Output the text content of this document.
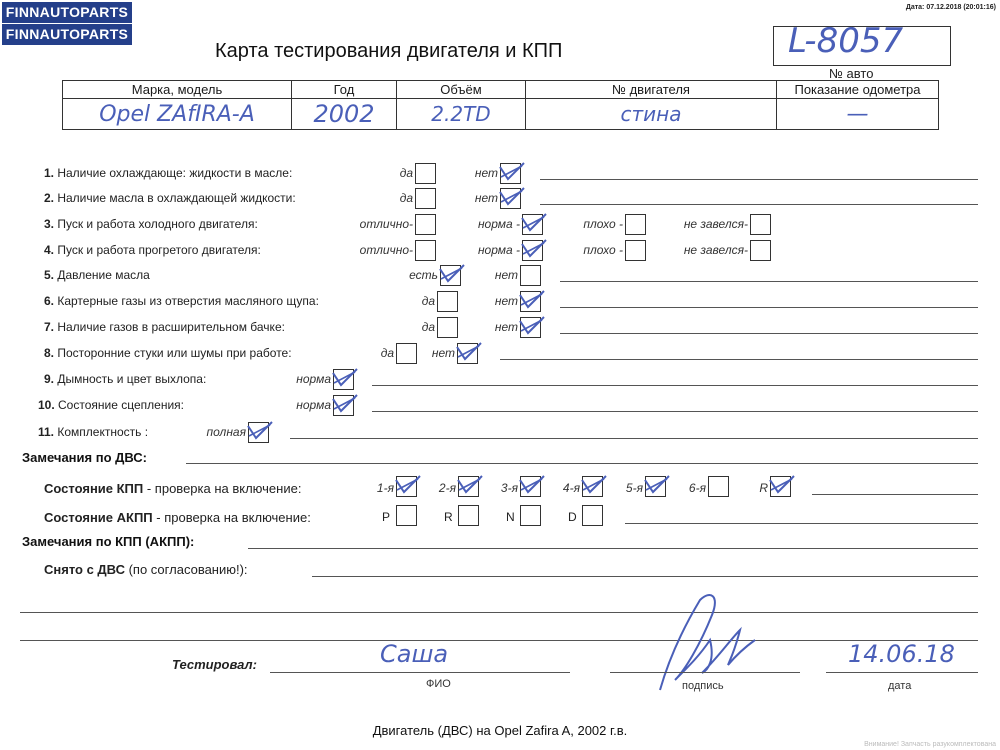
FINNAUTOPARTS
FINNAUTOPARTS
Дата: 07.12.2018 (20:01:16)
Карта тестирования двигателя и КПП	L-8057
№ авто
Марка, модель	Год	Объём	№ двигателя	Показание одометра
Opel ZAfIRA-A	2002	2.2TD	стина	—
1. Наличие охлаждающе: жидкости в масле:	да	нет
2. Наличие масла в охлаждающей жидкости:	да	нет
3. Пуск и работа холодного двигателя:	отлично-	норма -	плохо -	не завелся-
4. Пуск и работа прогретого двигателя:	отлично-	норма -	плохо -	не завелся-
5. Давление масла	есть	нет
6. Картерные газы из отверстия масляного щупа:	да	нет
7. Наличие газов в расширительном бачке:	да	нет
8. Посторонние стуки или шумы при работе:	да	нет
9. Дымность и цвет выхлопа:	норма
10. Состояние сцепления:	норма
11. Комплектность :	полная
Замечания по ДВС:
Состояние КПП - проверка на включение:	1-я	2-я	3-я	4-я	5-я	6-я	R
Состояние АКПП - проверка на включение:	P	R	N	D
Замечания по КПП (АКПП):
Снято с ДВС (по согласованию!):
Тестировал:	Саша
ФИО	подпись
14.06.18
дата
Двигатель (ДВС) на Opel Zafira A, 2002 г.в.
Внимание! Запчасть разукомплектована
